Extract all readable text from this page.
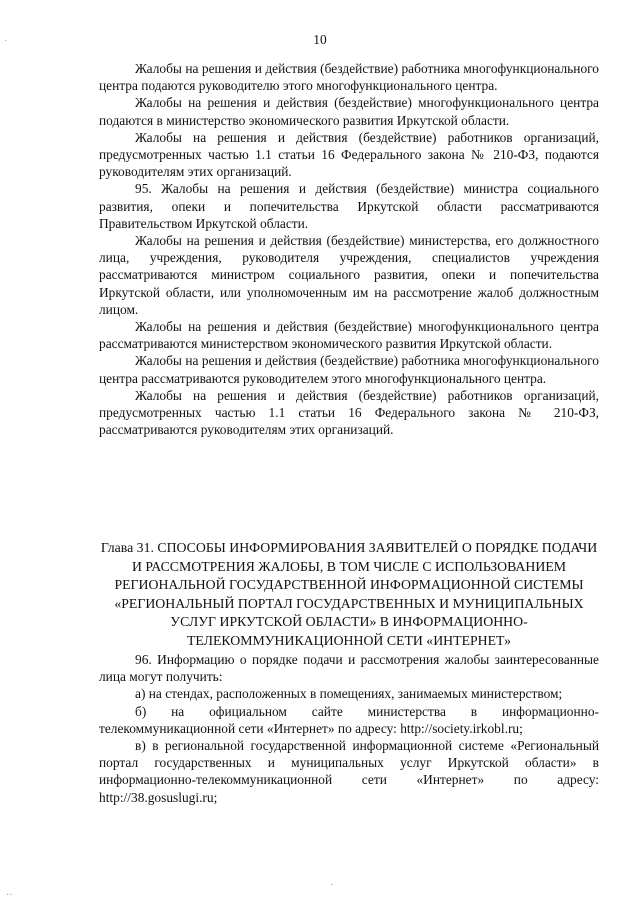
10

Жалобы на решения и действия (бездействие) работника многофункционального центра подаются руководителю этого многофункционального центра.

Жалобы на решения и действия (бездействие) многофункционального центра подаются в министерство экономического развития Иркутской области.

Жалобы на решения и действия (бездействие) работников организаций, предусмотренных частью 1.1 статьи 16 Федерального закона № 210-ФЗ, подаются руководителям этих организаций.

95. Жалобы на решения и действия (бездействие) министра социального развития, опеки и попечительства Иркутской области рассматриваются Правительством Иркутской области.

Жалобы на решения и действия (бездействие) министерства, его должностного лица, учреждения, руководителя учреждения, специалистов учреждения рассматриваются министром социального развития, опеки и попечительства Иркутской области, или уполномоченным им на рассмотрение жалоб должностным лицом.

Жалобы на решения и действия (бездействие) многофункционального центра рассматриваются министерством экономического развития Иркутской области.

Жалобы на решения и действия (бездействие) работника многофункционального центра рассматриваются руководителем этого многофункционального центра.

Жалобы на решения и действия (бездействие) работников организаций, предусмотренных частью 1.1 статьи 16 Федерального закона № 210-ФЗ, рассматриваются руководителям этих организаций.

Глава 31. СПОСОБЫ ИНФОРМИРОВАНИЯ ЗАЯВИТЕЛЕЙ О ПОРЯДКЕ ПОДАЧИ И РАССМОТРЕНИЯ ЖАЛОБЫ, В ТОМ ЧИСЛЕ С ИСПОЛЬЗОВАНИЕМ РЕГИОНАЛЬНОЙ ГОСУДАРСТВЕННОЙ ИНФОРМАЦИОННОЙ СИСТЕМЫ «РЕГИОНАЛЬНЫЙ ПОРТАЛ ГОСУДАРСТВЕННЫХ И МУНИЦИПАЛЬНЫХ УСЛУГ ИРКУТСКОЙ ОБЛАСТИ» В ИНФОРМАЦИОННО-ТЕЛЕКОММУНИКАЦИОННОЙ СЕТИ «ИНТЕРНЕТ»

96. Информацию о порядке подачи и рассмотрения жалобы заинтересованные лица могут получить:

а) на стендах, расположенных в помещениях, занимаемых министерством;

б) на официальном сайте министерства в информационно-телекоммуникационной сети «Интернет» по адресу: http://society.irkobl.ru;

в) в региональной государственной информационной системе «Региональный портал государственных и муниципальных услуг Иркутской области» в информационно-телекоммуникационной сети «Интернет» по адресу: http://38.gosuslugi.ru;

·
·
··
